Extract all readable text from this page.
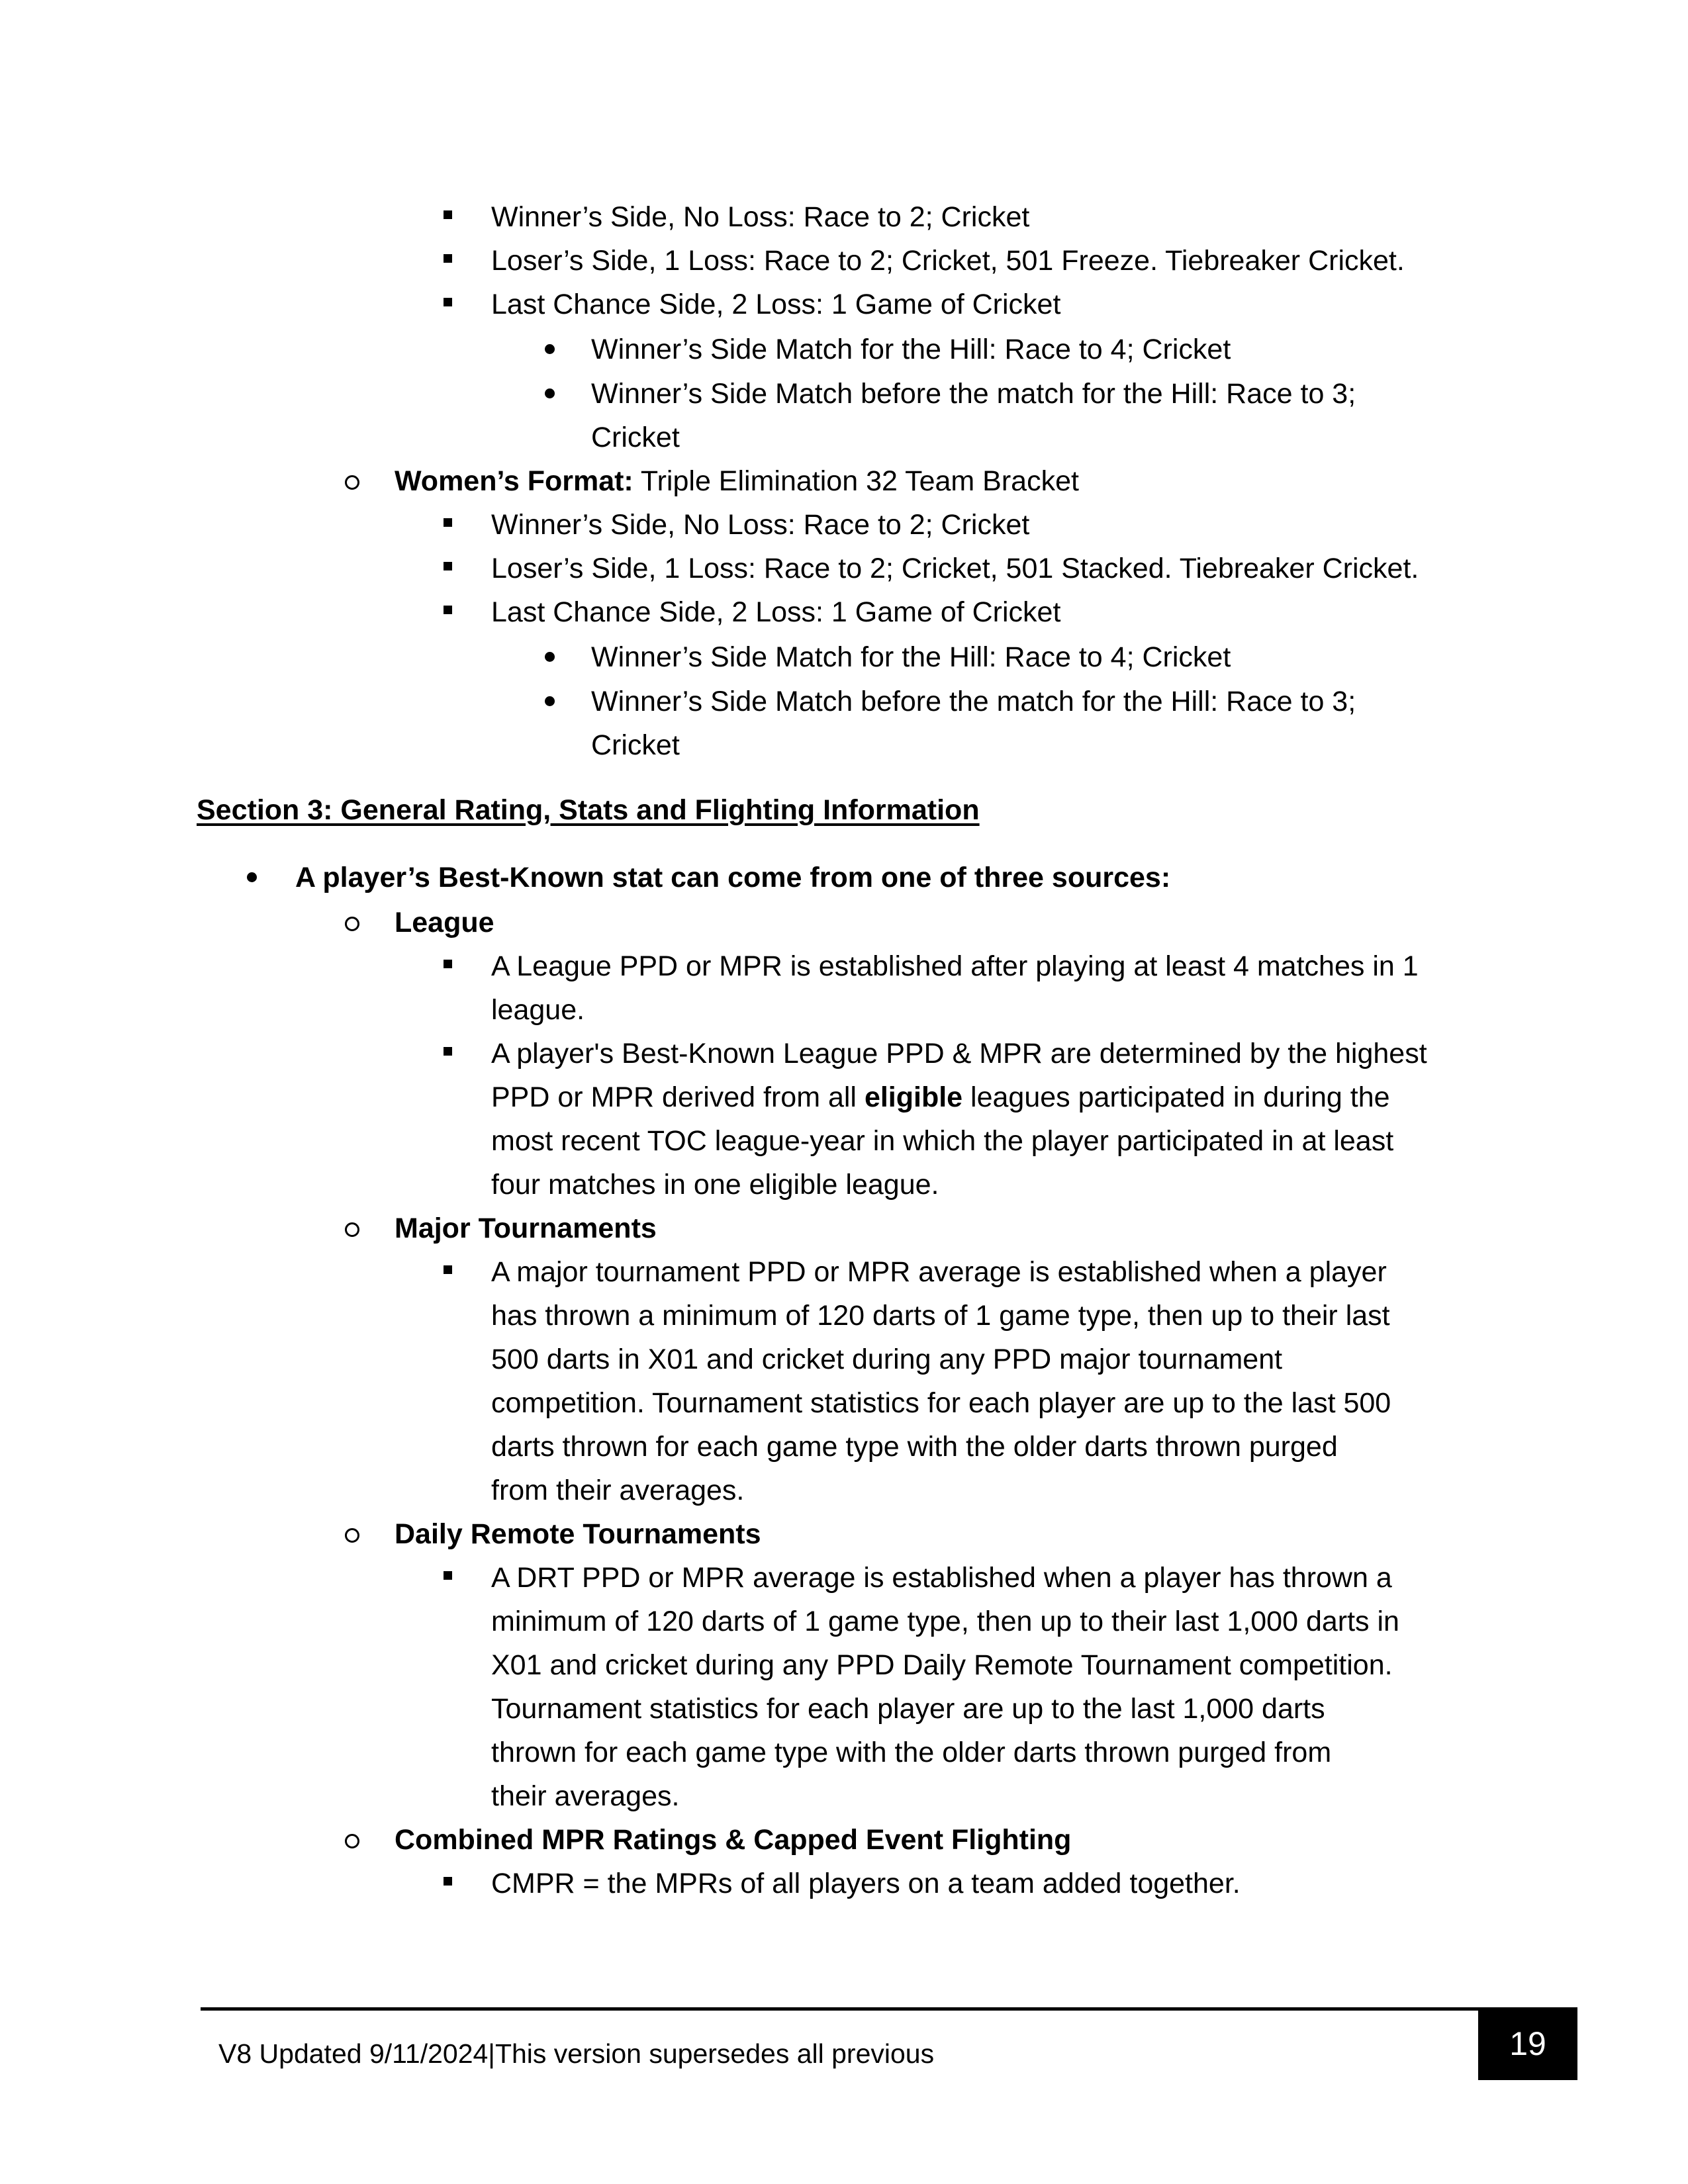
Winner’s Side, No Loss: Race to 2; Cricket
Loser’s Side, 1 Loss: Race to 2; Cricket, 501 Freeze. Tiebreaker Cricket.
Last Chance Side, 2 Loss: 1 Game of Cricket
Winner’s Side Match for the Hill: Race to 4; Cricket
Winner’s Side Match before the match for the Hill: Race to 3;
Cricket
Women’s Format: Triple Elimination 32 Team Bracket
Winner’s Side, No Loss: Race to 2; Cricket
Loser’s Side, 1 Loss: Race to 2; Cricket, 501 Stacked. Tiebreaker Cricket.
Last Chance Side, 2 Loss: 1 Game of Cricket
Winner’s Side Match for the Hill: Race to 4; Cricket
Winner’s Side Match before the match for the Hill: Race to 3;
Cricket
Section 3: General Rating, Stats and Flighting Information
A player’s Best-Known stat can come from one of three sources:
League
A League PPD or MPR is established after playing at least 4 matches in 1
league.
A player's Best-Known League PPD & MPR are determined by the highest
PPD or MPR derived from all eligible leagues participated in during the
most recent TOC league-year in which the player participated in at least
four matches in one eligible league.
Major Tournaments
A major tournament PPD or MPR average is established when a player
has thrown a minimum of 120 darts of 1 game type, then up to their last
500 darts in X01 and cricket during any PPD major tournament
competition. Tournament statistics for each player are up to the last 500
darts thrown for each game type with the older darts thrown purged
from their averages.
Daily Remote Tournaments
A DRT PPD or MPR average is established when a player has thrown a
minimum of 120 darts of 1 game type, then up to their last 1,000 darts in
X01 and cricket during any PPD Daily Remote Tournament competition.
Tournament statistics for each player are up to the last 1,000 darts
thrown for each game type with the older darts thrown purged from
their averages.
Combined MPR Ratings & Capped Event Flighting
CMPR = the MPRs of all players on a team added together.
V8 Updated 9/11/2024|This version supersedes all previous	19
